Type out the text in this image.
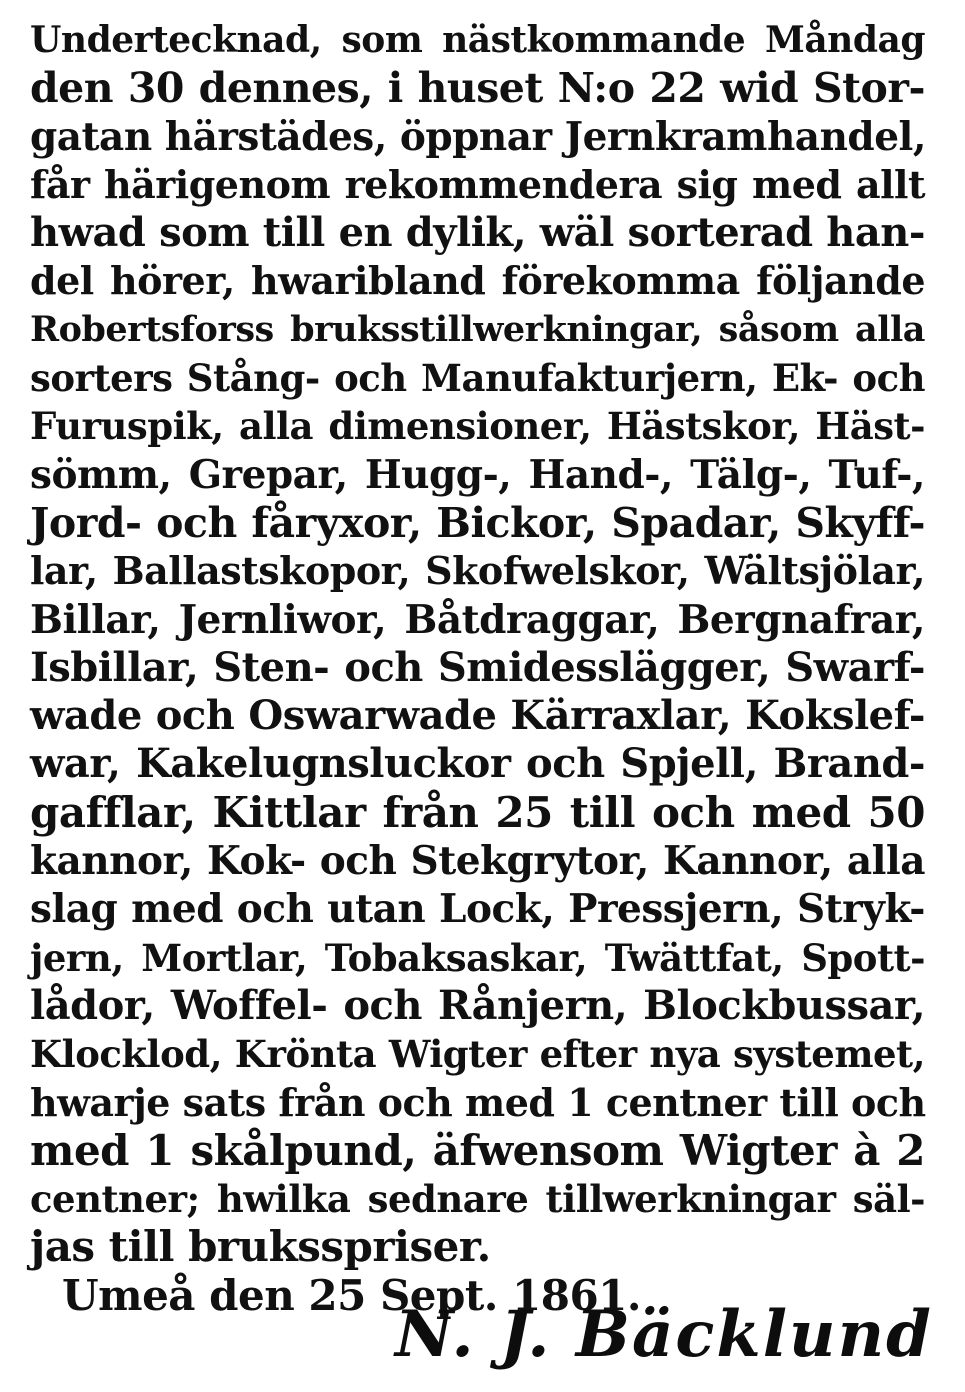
Undertecknad, som nästkommande Måndag
den 30 dennes, i huset N:o 22 wid Stor-
gatan härstädes, öppnar Jernkramhandel,
får härigenom rekommendera sig med allt
hwad som till en dylik, wäl sorterad han-
del hörer, hwaribland förekomma följande
Robertsforss bruksstillwerkningar, såsom alla
sorters Stång- och Manufakturjern, Ek- och
Furuspik, alla dimensioner, Hästskor, Häst-
sömm, Grepar, Hugg-, Hand-, Tälg-, Tuf-,
Jord- och fåryxor, Bickor, Spadar, Skyff-
lar, Ballastskopor, Skofwelskor, Wältsjölar,
Billar, Jernliwor, Båtdraggar, Bergnafrar,
Isbillar, Sten- och Smidesslägger, Swarf-
wade och Oswarwade Kärraxlar, Kokslef-
war, Kakelugnsluckor och Spjell, Brand-
gafflar, Kittlar från 25 till och med 50
kannor, Kok- och Stekgrytor, Kannor, alla
slag med och utan Lock, Pressjern, Stryk-
jern, Mortlar, Tobaksaskar, Twättfat, Spott-
lådor, Woffel- och Rånjern, Blockbussar,
Klocklod, Krönta Wigter efter nya systemet,
hwarje sats från och med 1 centner till och
med 1 skålpund, äfwensom Wigter à 2
centner; hwilka sednare tillwerkningar säl-
jas till bruksspriser.
Umeå den 25 Sept. 1861.
N. J. Bäcklund
